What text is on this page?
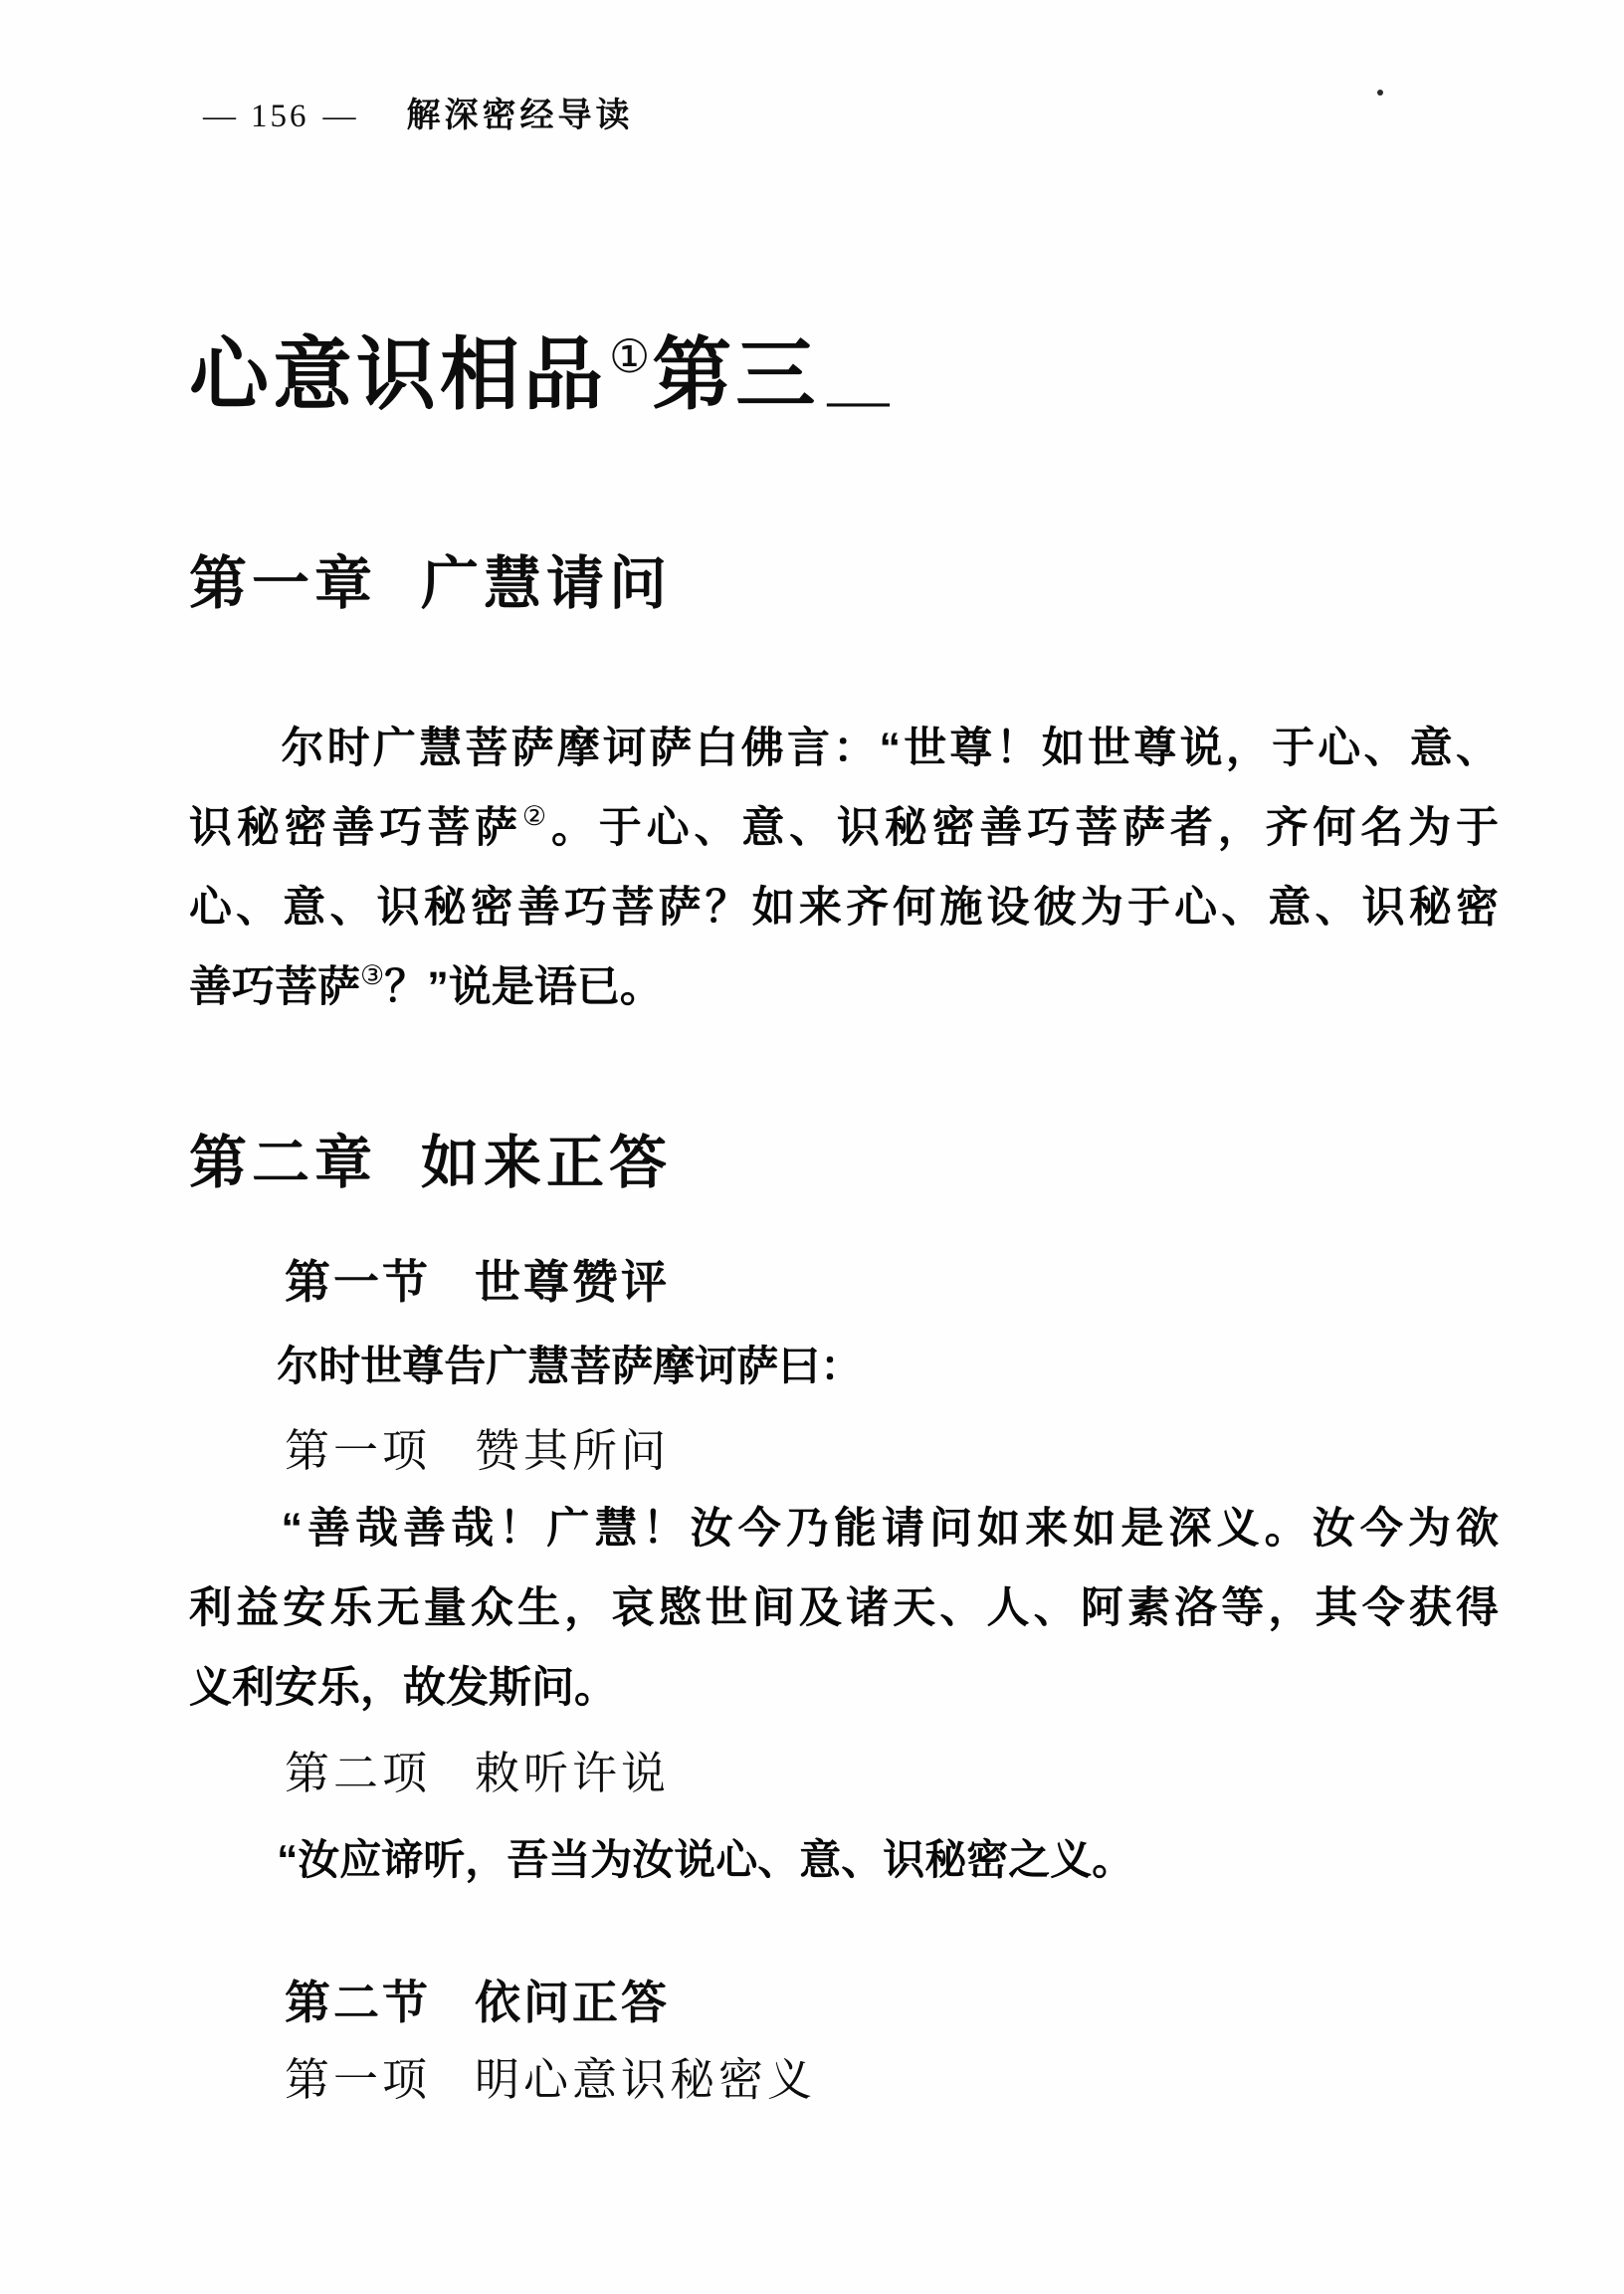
— 156 — 解深密经导读
心意识相品①第三 —
第一章 广慧请问
尔时广慧菩萨摩诃萨白佛言：“世尊！如世尊说，于心、意、
识秘密善巧菩萨②。于心、意、识秘密善巧菩萨者，齐何名为于
心、意、识秘密善巧菩萨？如来齐何施设彼为于心、意、识秘密
善巧菩萨③？”说是语已。
第二章 如来正答
第一节 世尊赞评
尔时世尊告广慧菩萨摩诃萨曰：
第一项 赞其所问
“善哉善哉！广慧！汝今乃能请问如来如是深义。汝今为欲
利益安乐无量众生，哀愍世间及诸天、人、阿素洛等，其令获得
义利安乐，故发斯问。
第二项 敕听许说
“汝应谛听，吾当为汝说心、意、识秘密之义。
第二节 依问正答
第一项 明心意识秘密义
